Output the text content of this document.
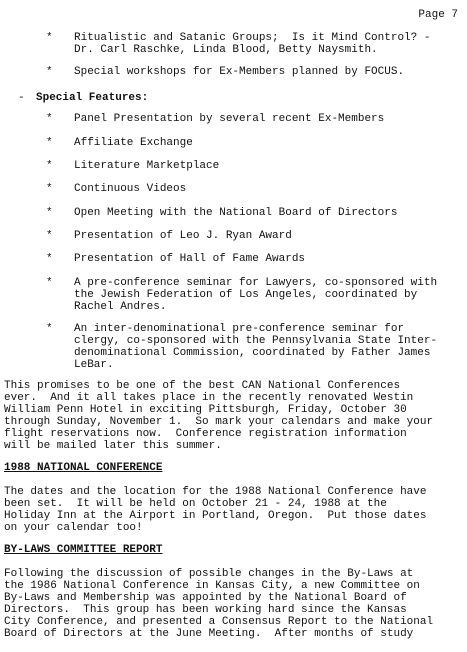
Page 7
*	Ritualistic and Satanic Groups;  Is it Mind Control? -
Dr. Carl Raschke, Linda Blood, Betty Naysmith.
*	Special workshops for Ex-Members planned by FOCUS.
- Special Features:
*	Panel Presentation by several recent Ex-Members
*	Affiliate Exchange
*	Literature Marketplace
*	Continuous Videos
*	Open Meeting with the National Board of Directors
*	Presentation of Leo J. Ryan Award
*	Presentation of Hall of Fame Awards
*	A pre-conference seminar for Lawyers, co-sponsored with
the Jewish Federation of Los Angeles, coordinated by
Rachel Andres.
*	An inter-denominational pre-conference seminar for
clergy, co-sponsored with the Pennsylvania State Inter-
denominational Commission, coordinated by Father James
LeBar.
This promises to be one of the best CAN National Conferences
ever.  And it all takes place in the recently renovated Westin
William Penn Hotel in exciting Pittsburgh, Friday, October 30
through Sunday, November 1.  So mark your calendars and make your
flight reservations now.  Conference registration information
will be mailed later this summer.
1988 NATIONAL CONFERENCE
The dates and the location for the 1988 National Conference have
been set.  It will be held on October 21 - 24, 1988 at the
Holiday Inn at the Airport in Portland, Oregon.  Put those dates
on your calendar too!
BY-LAWS COMMITTEE REPORT
Following the discussion of possible changes in the By-Laws at
the 1986 National Conference in Kansas City, a new Committee on
By-Laws and Membership was appointed by the National Board of
Directors.  This group has been working hard since the Kansas
City Conference, and presented a Consensus Report to the National
Board of Directors at the June Meeting.  After months of study
